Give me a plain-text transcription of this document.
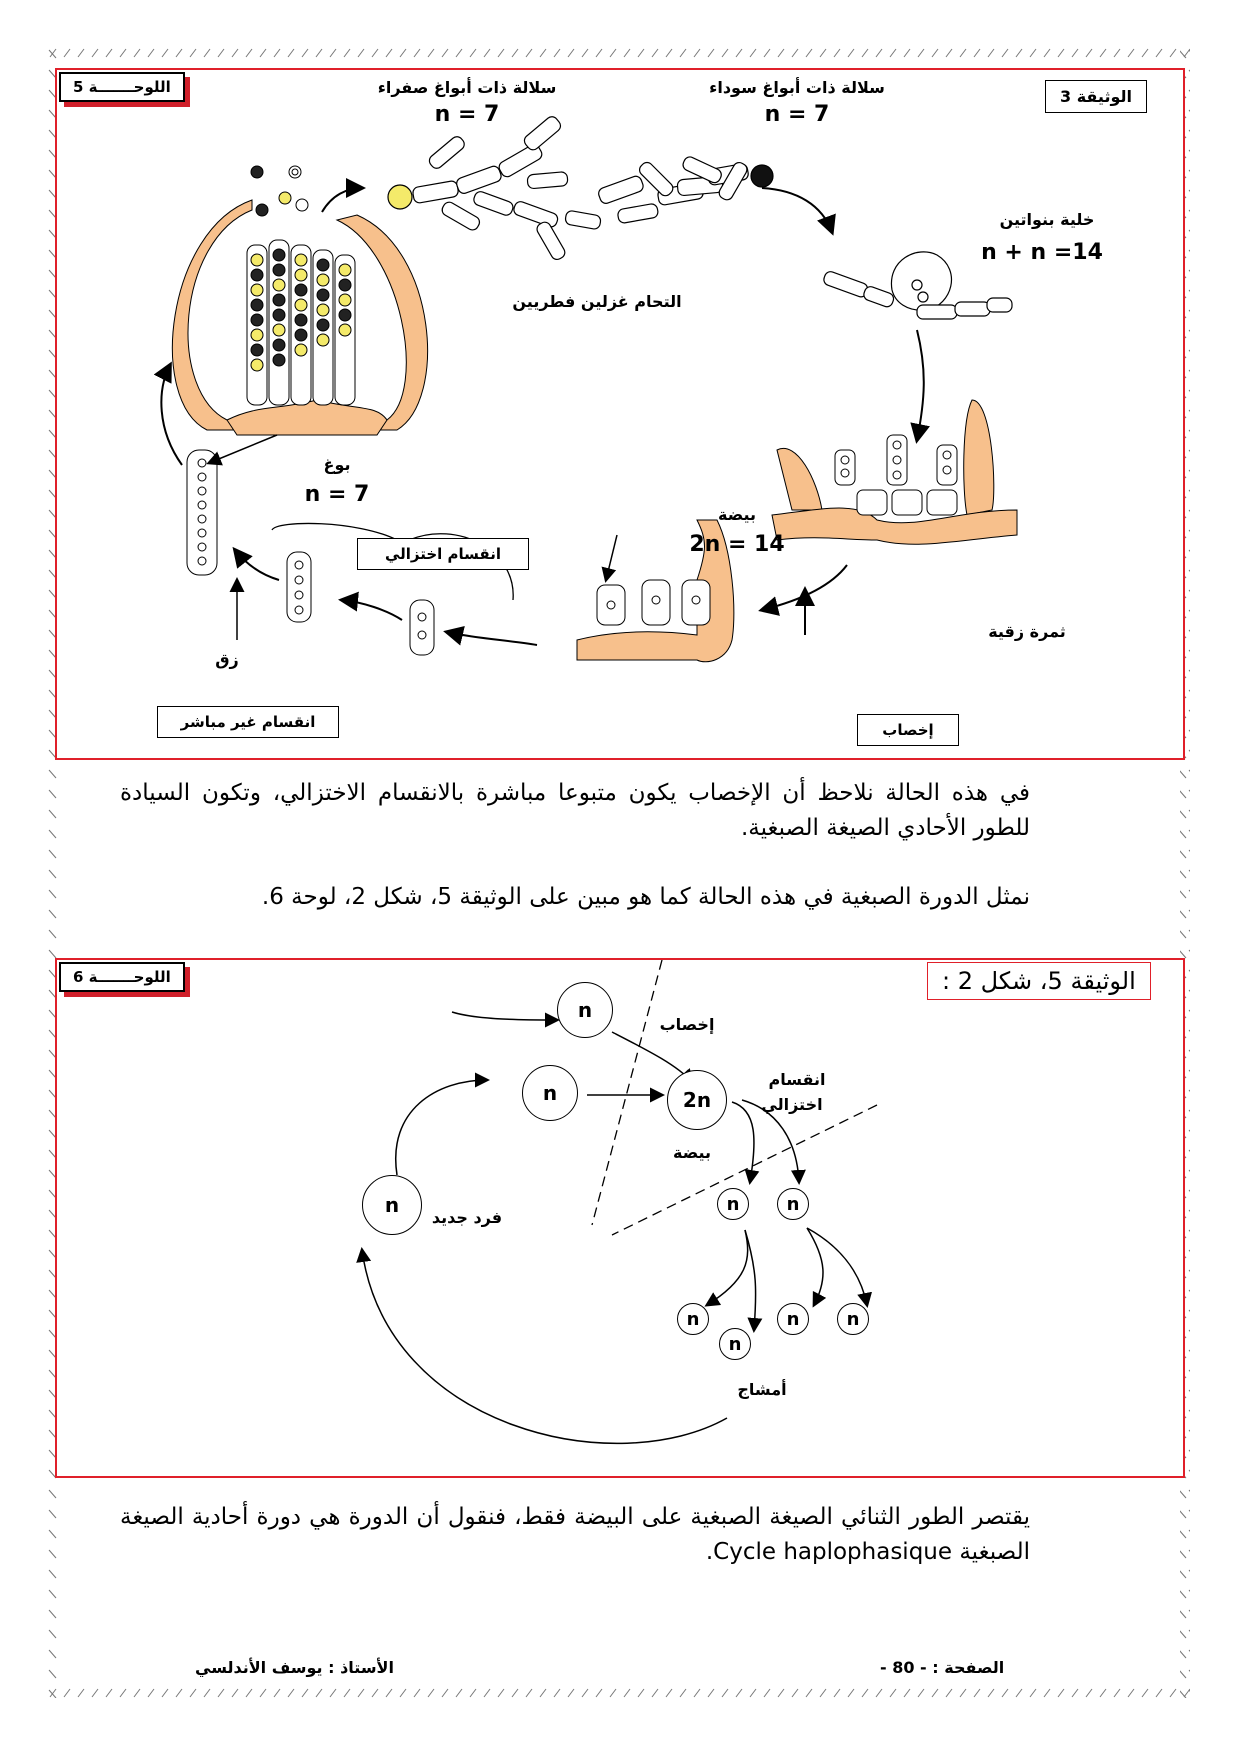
اللوحـــــــة 5	الوثيقة 3
سلالة ذات أبواغ صفراء
n = 7
سلالة ذات أبواغ سوداء
n = 7
التحام غزلين فطريين
خلية بنواتين
n + n =14
ثمرة زقية
إخصاب
بيضة
2n = 14
انقسام اختزالي
بوغ
n = 7
زق
انقسام غير مباشر
في هذه الحالة نلاحظ أن الإخصاب يكون متبوعا مباشرة بالانقسام الاختزالي، وتكون السيادة للطور الأحادي الصيغة الصبغية.
نمثل الدورة الصبغية في هذه الحالة كما هو مبين على الوثيقة 5، شكل 2، لوحة 6.
اللوحـــــــة 6	الوثيقة 5، شكل 2 :
n
n	2n
n	n
n
n
n	n
n
إخصاب
انقسام
اختزالي
بيضة
فرد جديد
أمشاج
يقتصر الطور الثنائي الصيغة الصبغية على البيضة فقط، فنقول أن الدورة هي دورة أحادية الصيغة الصبغية Cycle haplophasique.
الصفحة : - 80 -
الأستاذ : يوسف الأندلسي
